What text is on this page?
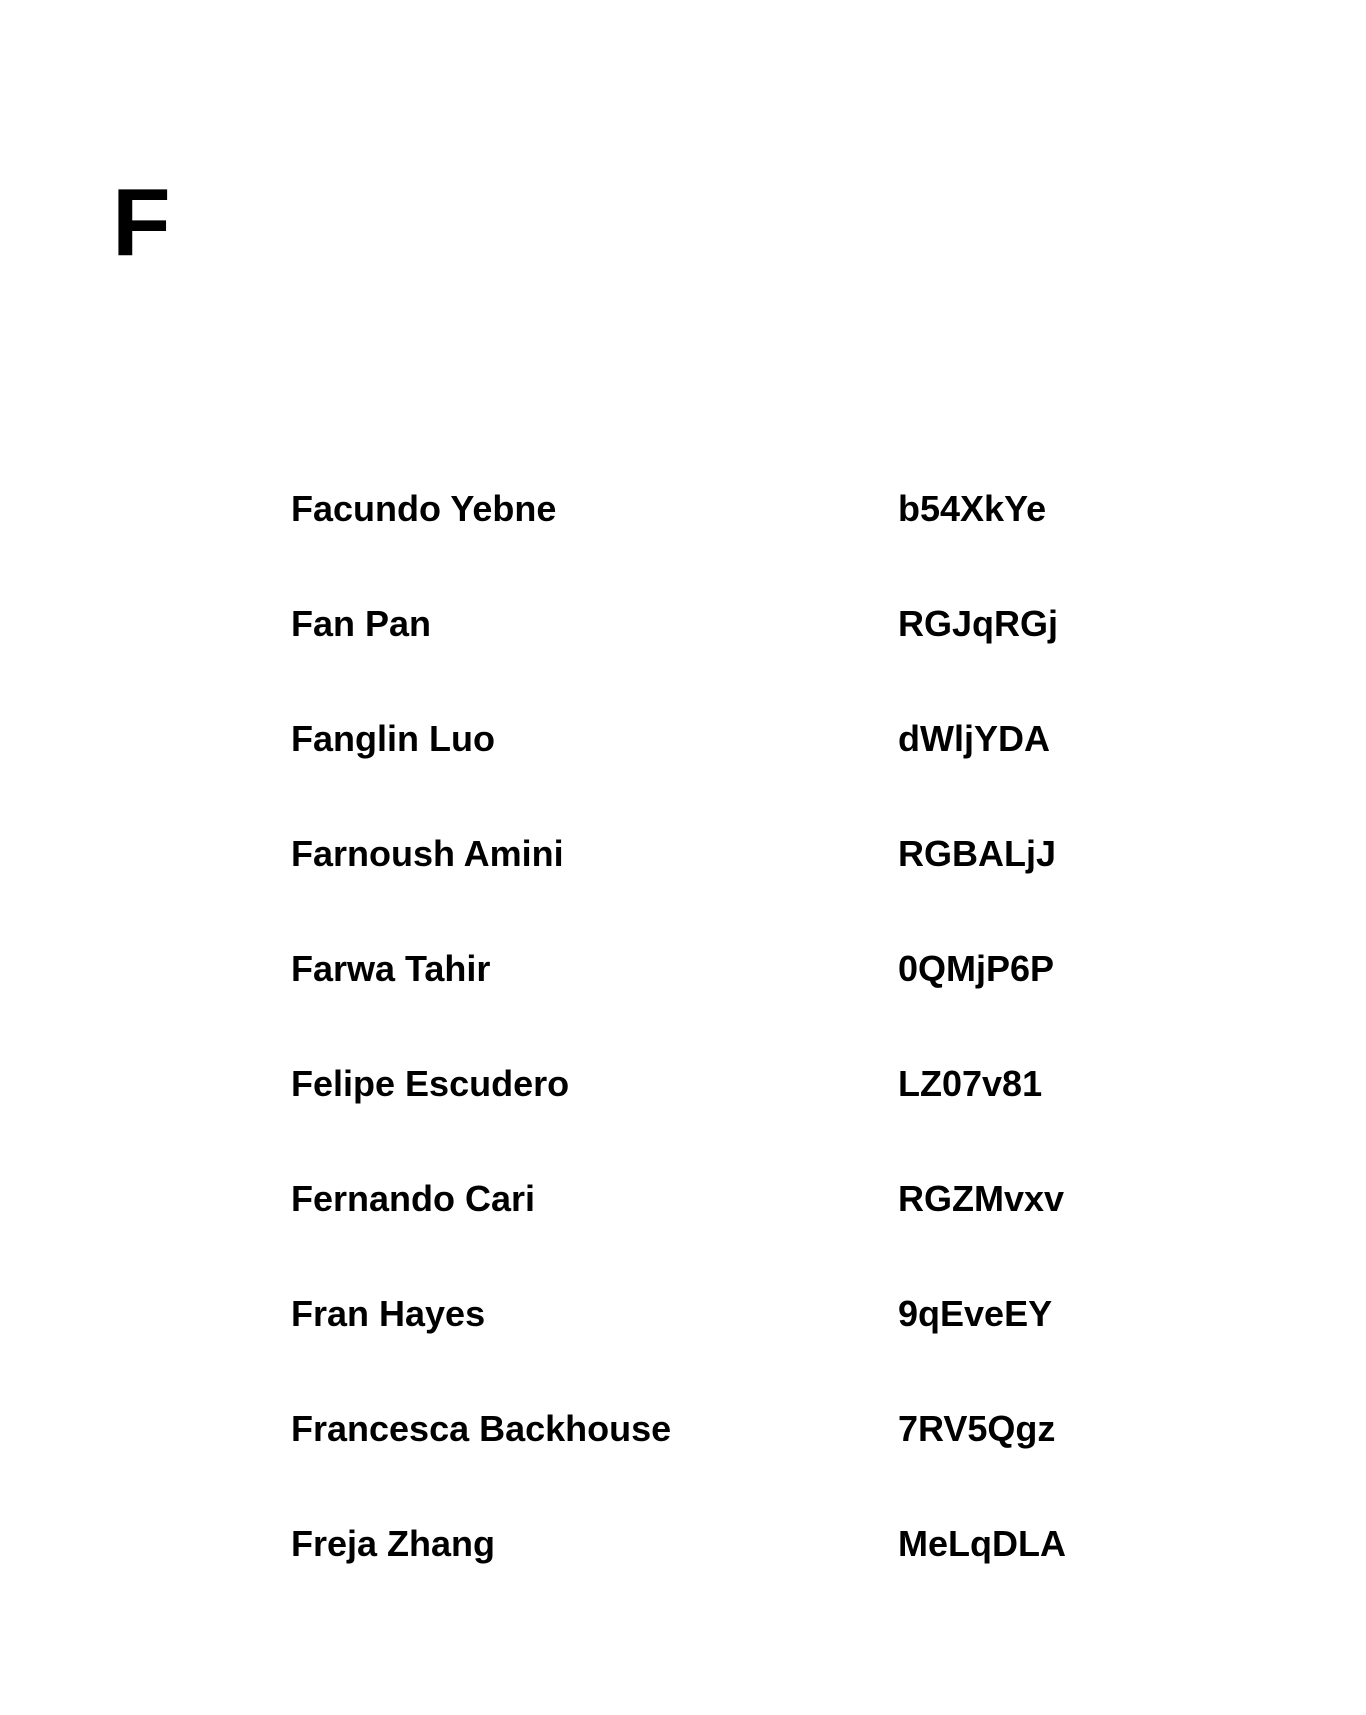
F
Facundo Yebne	b54XkYe
Fan Pan	RGJqRGj
Fanglin Luo	dWljYDA
Farnoush Amini	RGBALjJ
Farwa Tahir	0QMjP6P
Felipe Escudero	LZ07v81
Fernando Cari	RGZMvxv
Fran Hayes	9qEveEY
Francesca Backhouse	7RV5Qgz
Freja Zhang	MeLqDLA
